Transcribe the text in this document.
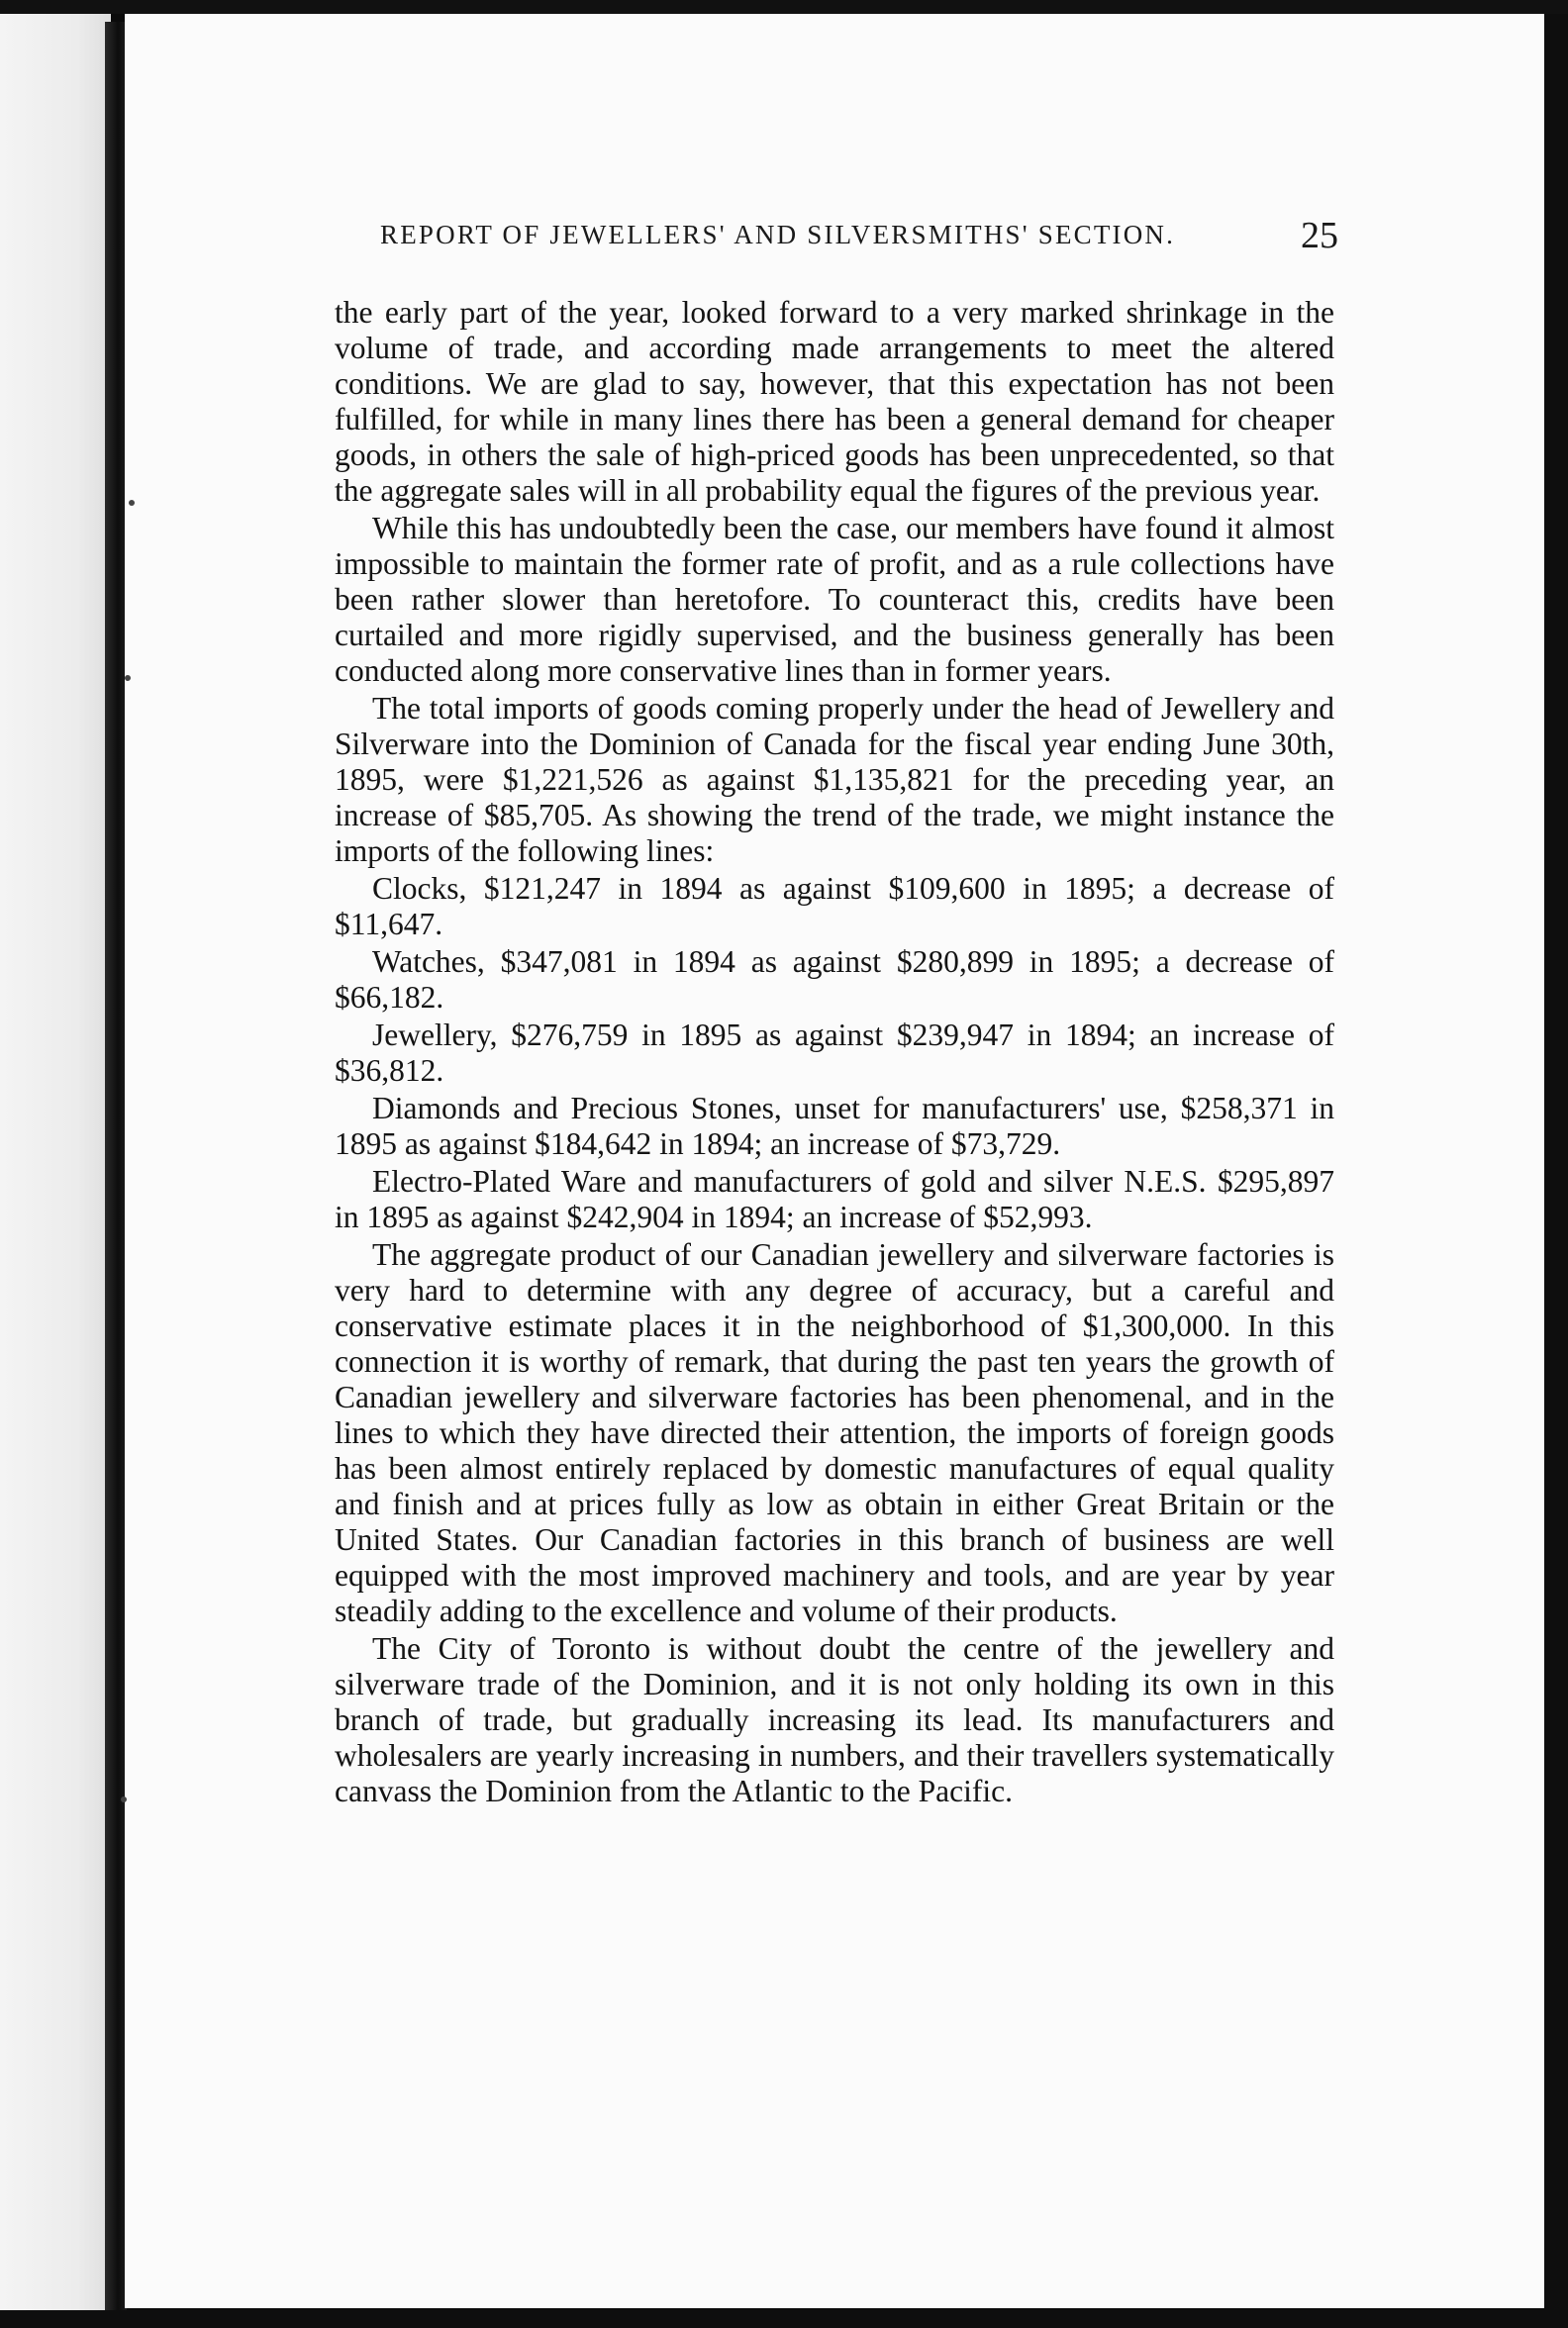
REPORT OF JEWELLERS' AND SILVERSMITHS' SECTION.	25

the early part of the year, looked forward to a very marked shrinkage in the volume of trade, and according made arrangements to meet the altered conditions. We are glad to say, however, that this expectation has not been fulfilled, for while in many lines there has been a general demand for cheaper goods, in others the sale of high-priced goods has been unprecedented, so that the aggregate sales will in all probability equal the figures of the previous year.

While this has undoubtedly been the case, our members have found it almost impossible to maintain the former rate of profit, and as a rule collections have been rather slower than heretofore. To counteract this, credits have been curtailed and more rigidly supervised, and the business generally has been conducted along more conservative lines than in former years.

The total imports of goods coming properly under the head of Jewellery and Silverware into the Dominion of Canada for the fiscal year ending June 30th, 1895, were $1,221,526 as against $1,135,821 for the preceding year, an increase of $85,705. As showing the trend of the trade, we might instance the imports of the following lines:

Clocks, $121,247 in 1894 as against $109,600 in 1895; a decrease of $11,647.

Watches, $347,081 in 1894 as against $280,899 in 1895; a decrease of $66,182.

Jewellery, $276,759 in 1895 as against $239,947 in 1894; an increase of $36,812.

Diamonds and Precious Stones, unset for manufacturers' use, $258,371 in 1895 as against $184,642 in 1894; an increase of $73,729.

Electro-Plated Ware and manufacturers of gold and silver N.E.S. $295,897 in 1895 as against $242,904 in 1894; an increase of $52,993.

The aggregate product of our Canadian jewellery and silverware factories is very hard to determine with any degree of accuracy, but a careful and conservative estimate places it in the neighborhood of $1,300,000. In this connection it is worthy of remark, that during the past ten years the growth of Canadian jewellery and silverware factories has been phenomenal, and in the lines to which they have directed their attention, the imports of foreign goods has been almost entirely replaced by domestic manufactures of equal quality and finish and at prices fully as low as obtain in either Great Britain or the United States. Our Canadian factories in this branch of business are well equipped with the most improved machinery and tools, and are year by year steadily adding to the excellence and volume of their products.

The City of Toronto is without doubt the centre of the jewellery and silverware trade of the Dominion, and it is not only holding its own in this branch of trade, but gradually increasing its lead. Its manufacturers and wholesalers are yearly increasing in numbers, and their travellers systematically canvass the Dominion from the Atlantic to the Pacific.
